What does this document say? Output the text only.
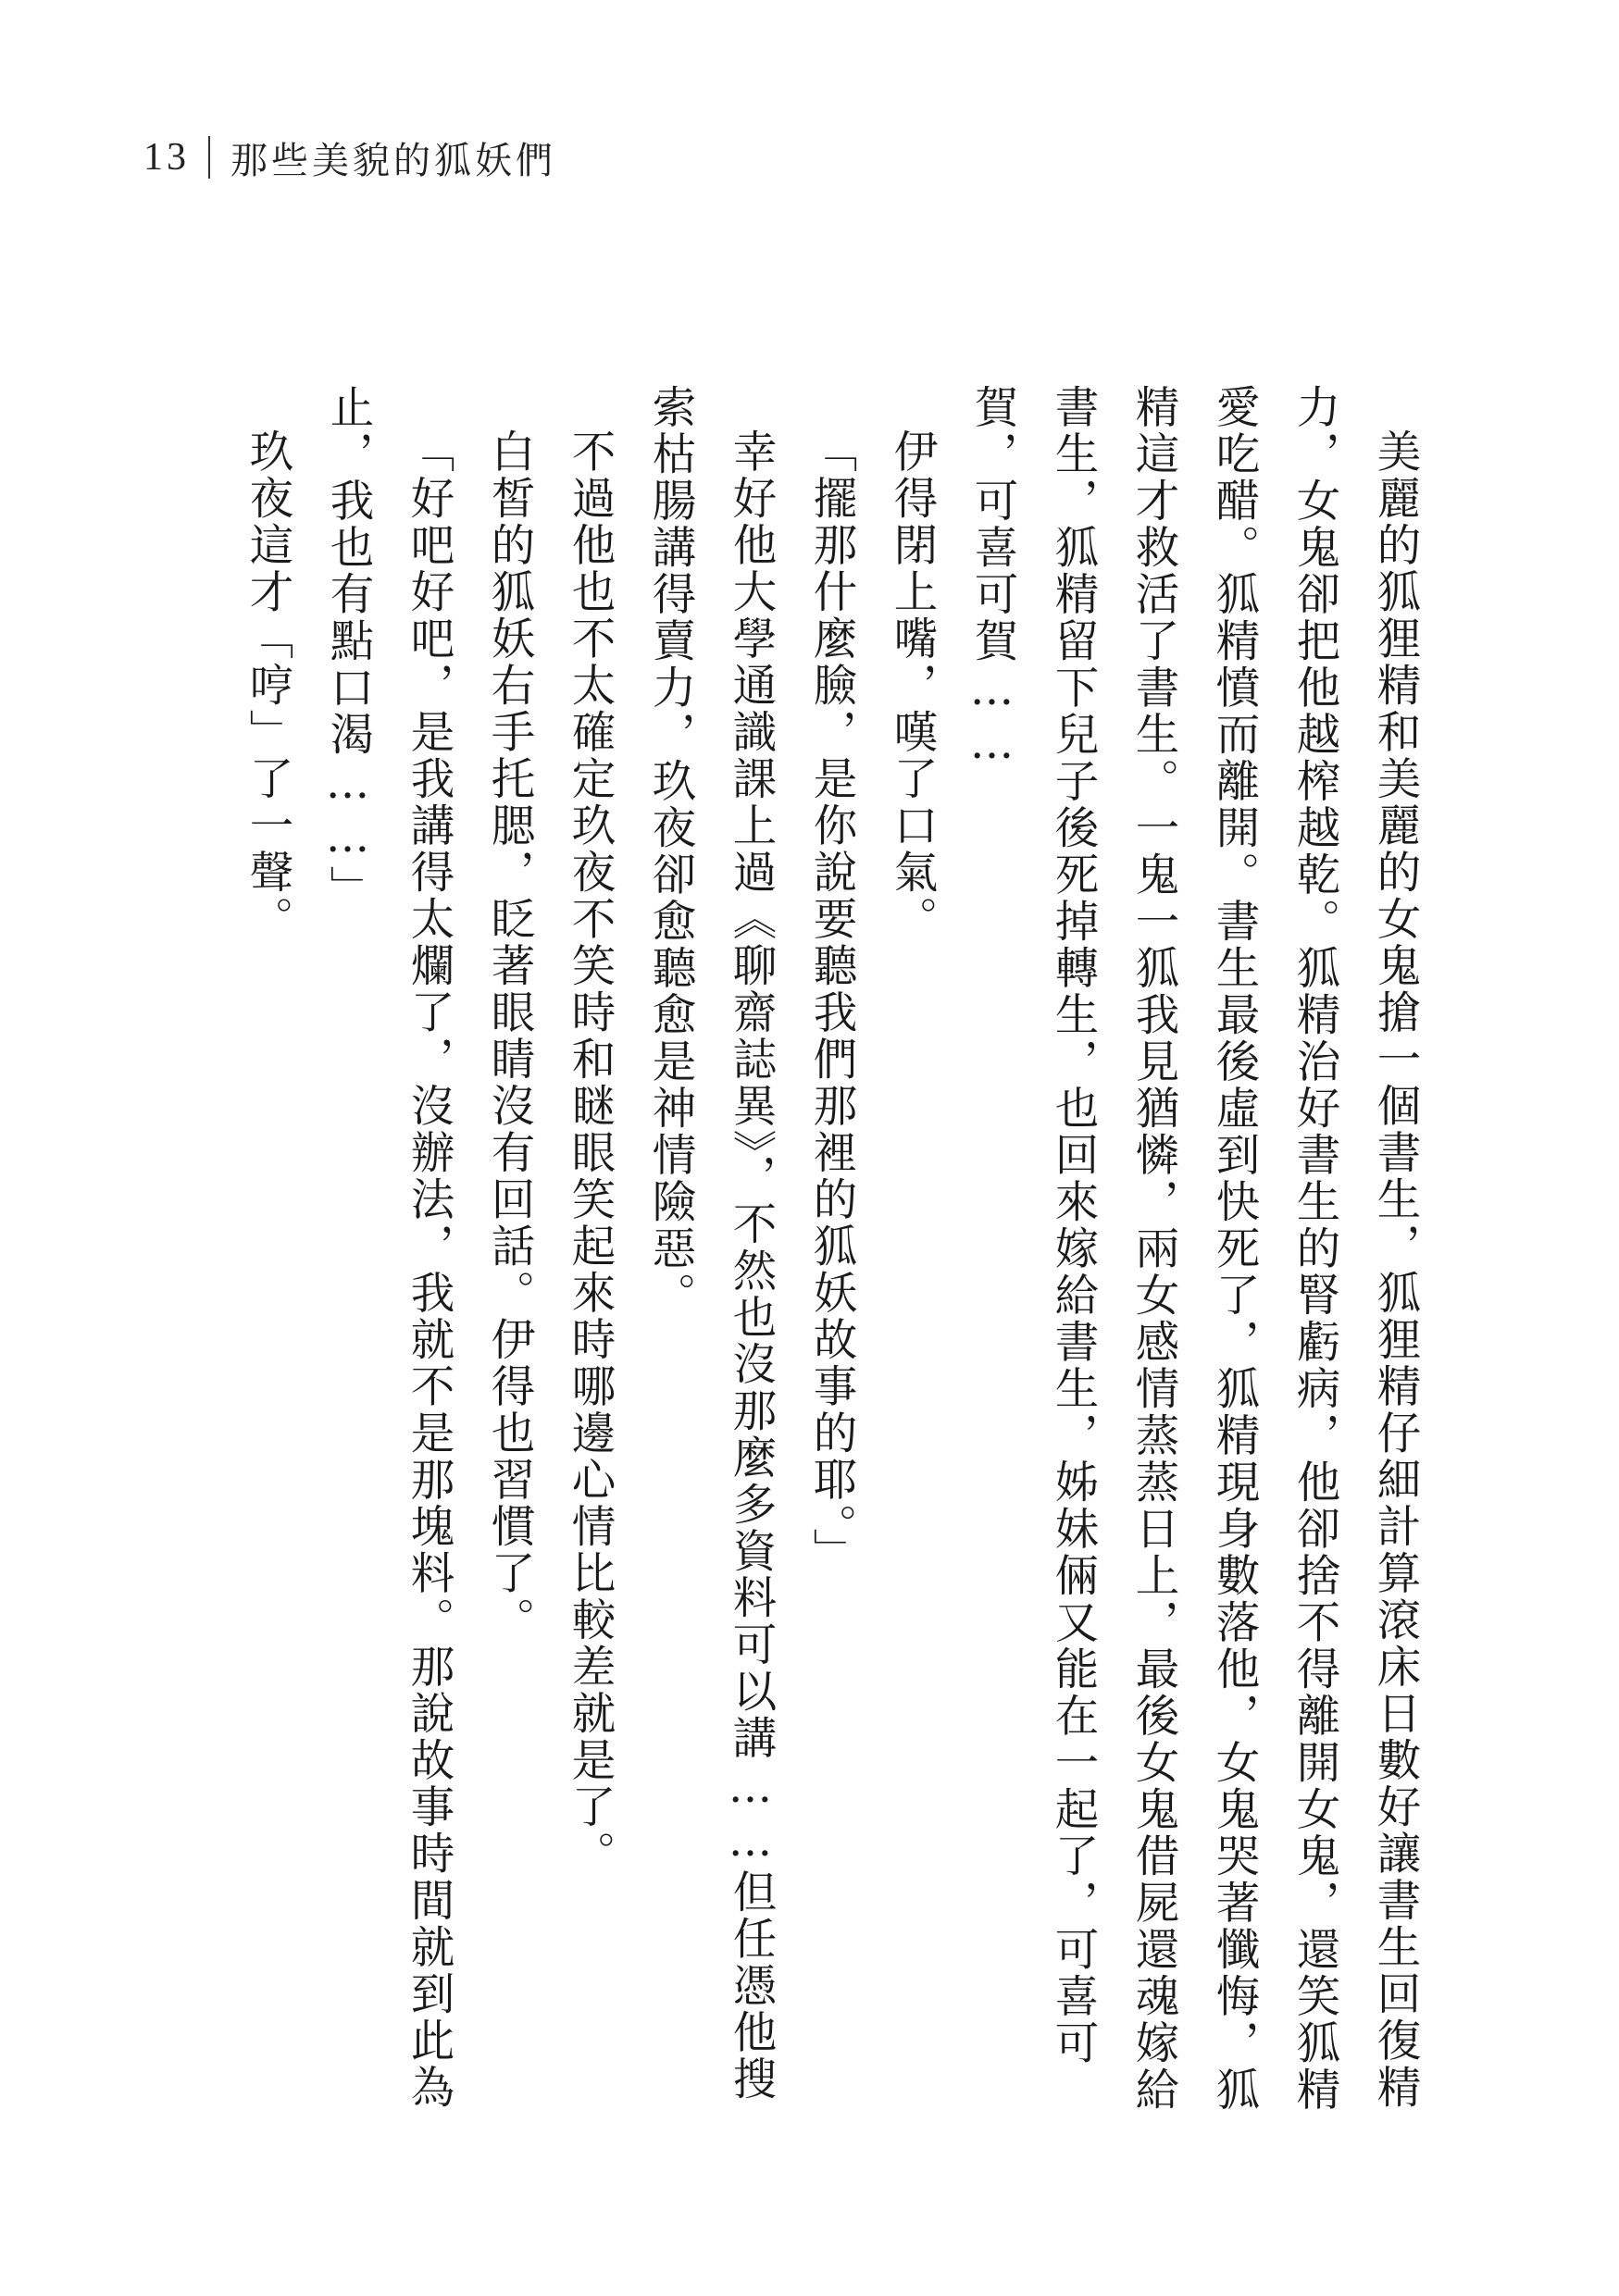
13 那些美貌的狐妖們

美麗的狐狸精和美麗的女鬼搶一個書生，狐狸精仔細計算滾床日數好讓書生回復精力，女鬼卻把他越榨越乾。狐精治好書生的腎虧病，他卻捨不得離開女鬼，還笑狐精愛吃醋。狐精憤而離開。書生最後虛到快死了，狐精現身數落他，女鬼哭著懺悔，狐精這才救活了書生。一鬼一狐我見猶憐，兩女感情蒸蒸日上，最後女鬼借屍還魂嫁給書生，狐精留下兒子後死掉轉生，也回來嫁給書生，姊妹倆又能在一起了，可喜可賀，可喜可賀……

伊得閉上嘴，嘆了口氣。

「擺那什麼臉，是你說要聽我們那裡的狐妖故事的耶。」

幸好他大學通識課上過《聊齋誌異》，不然也沒那麼多資料可以講……但任憑他搜索枯腸講得賣力，玖夜卻愈聽愈是神情險惡。

不過他也不太確定玖夜不笑時和瞇眼笑起來時哪邊心情比較差就是了。

白皙的狐妖右手托腮，眨著眼睛沒有回話。伊得也習慣了。

「好吧好吧，是我講得太爛了，沒辦法，我就不是那塊料。那說故事時間就到此為止，我也有點口渴……」

玖夜這才「哼」了一聲。
